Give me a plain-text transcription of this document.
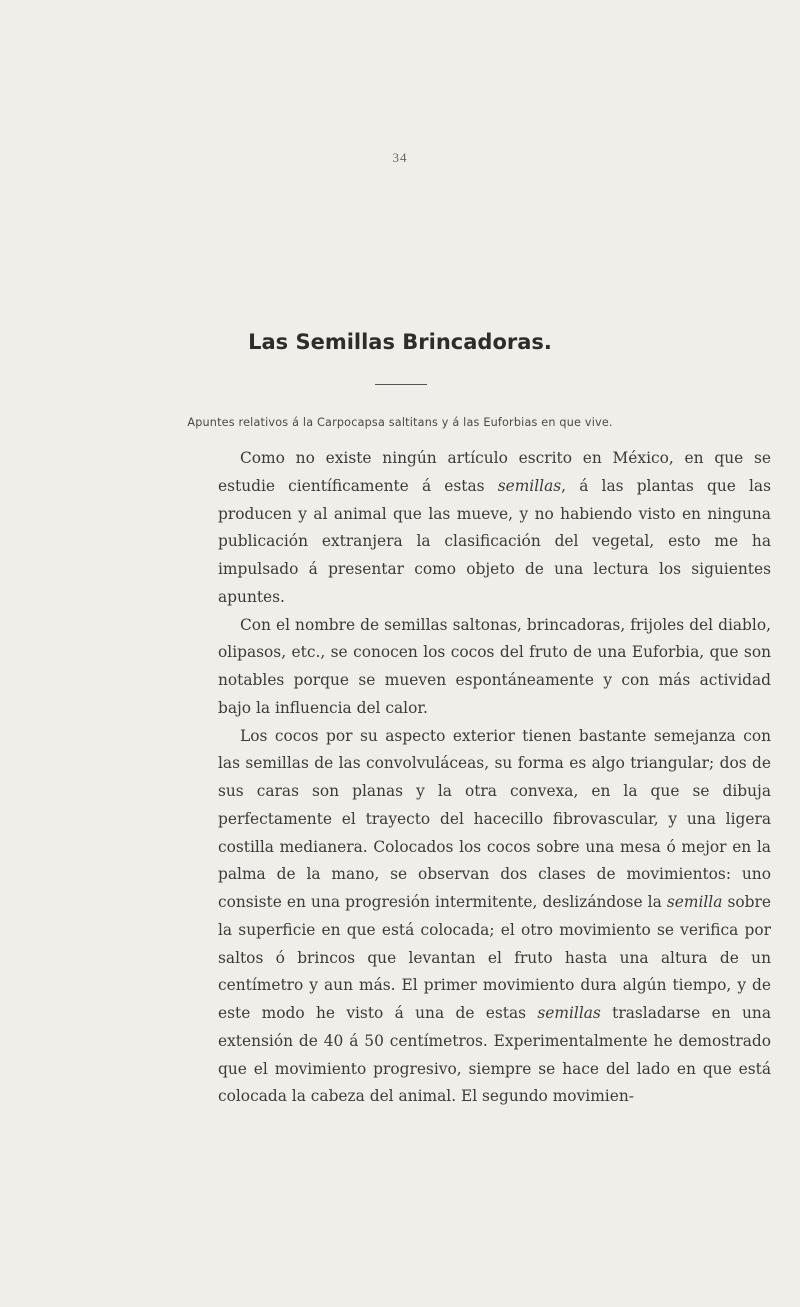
34
Las Semillas Brincadoras.
Apuntes relativos á la Carpocapsa saltitans y á las Euforbias en que vive.

Como no existe ningún artículo escrito en México, en que se estudie científicamente á estas semillas, á las plantas que las producen y al animal que las mueve, y no habiendo visto en ninguna publicación extranjera la clasificación del vegetal, esto me ha impulsado á presentar como objeto de una lectura los siguientes apuntes.

Con el nombre de semillas saltonas, brincadoras, frijoles del diablo, olipasos, etc., se conocen los cocos del fruto de una Euforbia, que son notables porque se mueven espontáneamente y con más actividad bajo la influencia del calor.

Los cocos por su aspecto exterior tienen bastante semejanza con las semillas de las convolvuláceas, su forma es algo triangular; dos de sus caras son planas y la otra convexa, en la que se dibuja perfectamente el trayecto del hacecillo fibrovascular, y una ligera costilla medianera. Colocados los cocos sobre una mesa ó mejor en la palma de la mano, se observan dos clases de movimientos: uno consiste en una progresión intermitente, deslizándose la semilla sobre la superficie en que está colocada; el otro movimiento se verifica por saltos ó brincos que levantan el fruto hasta una altura de un centímetro y aun más. El primer movimiento dura algún tiempo, y de este modo he visto á una de estas semillas trasladarse en una extensión de 40 á 50 centímetros. Experimentalmente he demostrado que el movimiento progresivo, siempre se hace del lado en que está colocada la cabeza del animal. El segundo movimien-
